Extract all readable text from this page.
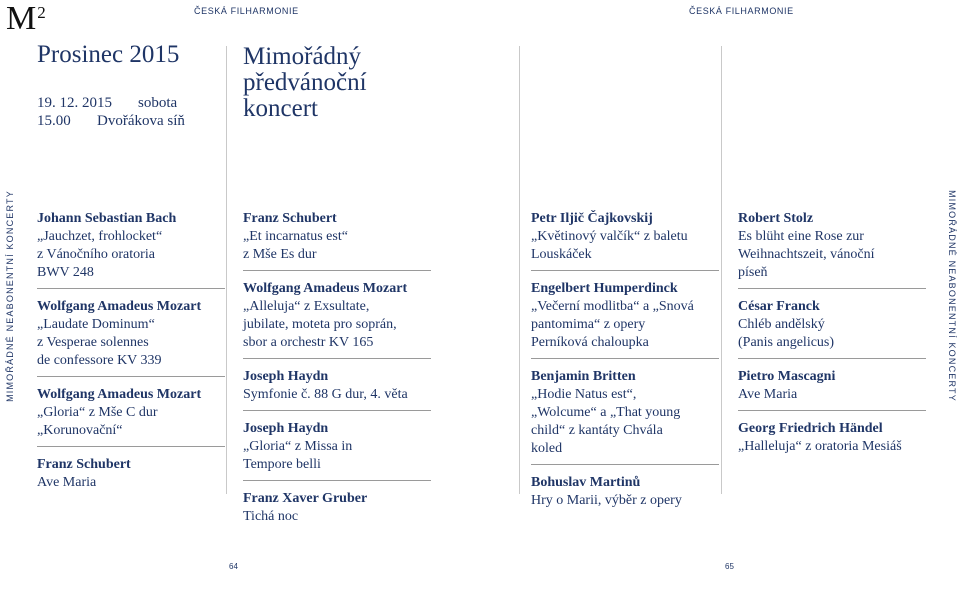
$M^2$	ČESKÁ FILHARMONIE	ČESKÁ FILHARMONIE
MIMOŘÁDNÉ NEABONENTNÍ KONCERTY	MIMOŘÁDNÉ NEABONENTNÍ KONCERTY
Prosinec 2015
19. 12. 2015 sobota
15.00 Dvořákova síň
Mimořádný
předvánoční
koncert
Johann Sebastian Bach
„Jauchzet, frohlocket“
z Vánočního oratoria
BWV 248
Wolfgang Amadeus Mozart
„Laudate Dominum“
z Vesperae solennes
de confessore KV 339
Wolfgang Amadeus Mozart
„Gloria“ z Mše C dur
„Korunovační“
Franz Schubert
Ave Maria
Franz Schubert
„Et incarnatus est“
z Mše Es dur
Wolfgang Amadeus Mozart
„Alleluja“ z Exsultate,
jubilate, moteta pro soprán,
sbor a orchestr KV 165
Joseph Haydn
Symfonie č. 88 G dur, 4. věta
Joseph Haydn
„Gloria“ z Missa in
Tempore belli
Franz Xaver Gruber
Tichá noc
Petr Iljič Čajkovskij
„Květinový valčík“ z baletu
Louskáček
Engelbert Humperdinck
„Večerní modlitba“ a „Snová
pantomima“ z opery
Perníková chaloupka
Benjamin Britten
„Hodie Natus est“,
„Wolcume“ a „That young
child“ z kantáty Chvála
koled
Bohuslav Martinů
Hry o Marii, výběr z opery
Robert Stolz
Es blüht eine Rose zur
Weihnachtszeit, vánoční
píseň
César Franck
Chléb andělský
(Panis angelicus)
Pietro Mascagni
Ave Maria
Georg Friedrich Händel
„Halleluja“ z oratoria Mesiáš
64	65
